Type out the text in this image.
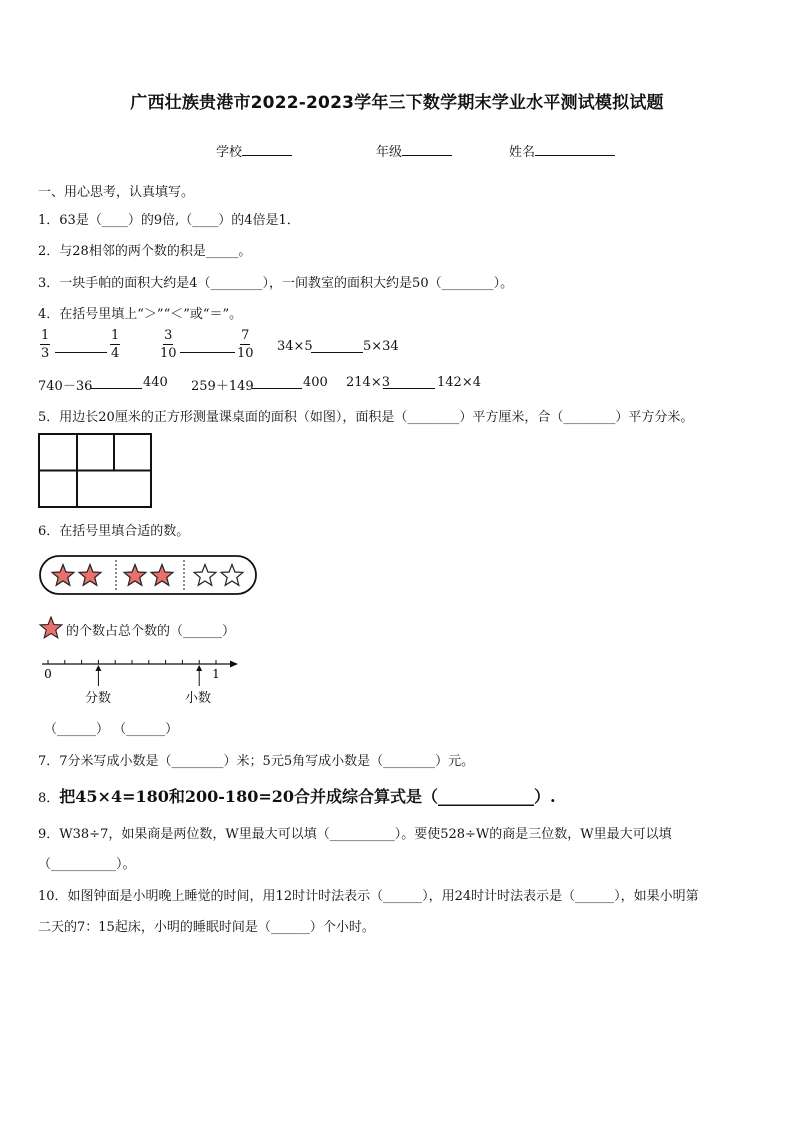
广西壮族贵港市2022-2023学年三下数学期末学业水平测试模拟试题
学校	年级	姓名
一、用心思考，认真填写。
1．63是（____）的9倍,（____）的4倍是1．
2．与28相邻的两个数的积是_____。
3．一块手帕的面积大约是4（________），一间教室的面积大约是50（________）。
4．在括号里填上“＞”“＜”或“＝”。
$\frac{1}{3}$	$\frac{1}{4}$	$\frac{3}{10}$	$\frac{7}{10} 34\times 5$	5×34
740－36	440 259＋149	400 214×3	142×4
5．用边长20厘米的正方形测量课桌面的面积（如图），面积是（________）平方厘米，合（________）平方分米。
6．在括号里填合适的数。
的个数占总个数的（______）
0	1
分数	小数
（______） （______）
7．7分米写成小数是（________）米；5元5角写成小数是（________）元。
8．把45×4=180和200-180=20合并成综合算式是（____________）.
9．W38÷7，如果商是两位数，W里最大可以填（__________）。要使528÷W的商是三位数，W里最大可以填
（__________）。
10．如图钟面是小明晚上睡觉的时间，用12时计时法表示（______），用24时计时法表示是（______），如果小明第
二天的7：15起床，小明的睡眠时间是（______）个小时。
